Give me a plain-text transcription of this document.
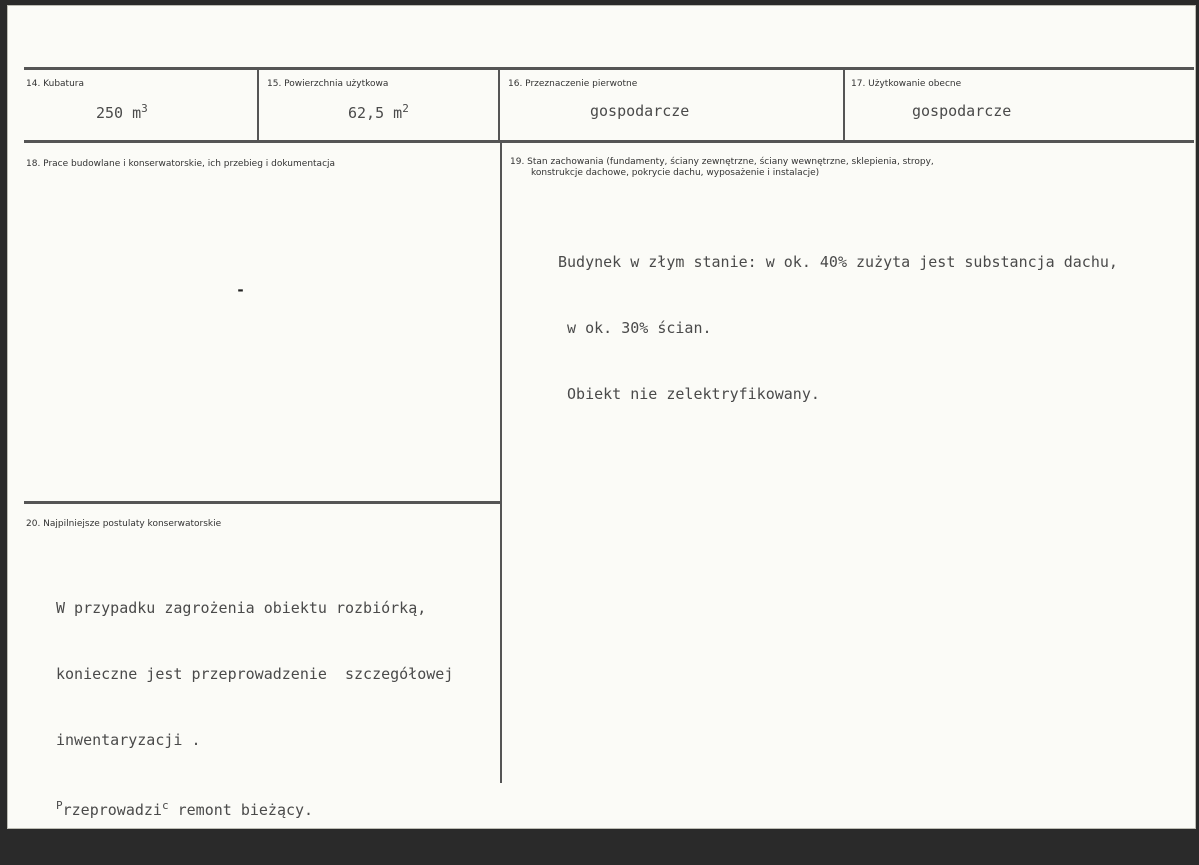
14. Kubatura
250 $m^3$
15. Powierzchnia użytkowa
62,5 $m^2$
16. Przeznaczenie pierwotne
gospodarcze
17. Użytkowanie obecne
gospodarcze
18. Prace budowlane i konserwatorskie, ich przebieg i dokumentacja
-
19. Stan zachowania (fundamenty, ściany zewnętrzne, ściany wewnętrzne, sklepienia, stropy,
konstrukcje dachowe, pokrycie dachu, wyposażenie i instalacje)

Budynek w złym stanie: w ok. 40% zużyta jest substancja dachu,

w ok. 30% ścian.

Obiekt nie zelektryfikowany.

20. Najpilniejsze postulaty konserwatorskie

W przypadku zagrożenia obiektu rozbiórką,

konieczne jest przeprowadzenie  szczegółowej

inwentaryzacji .

$^P$rzeprowadzi$^c$ remont bieżący.
